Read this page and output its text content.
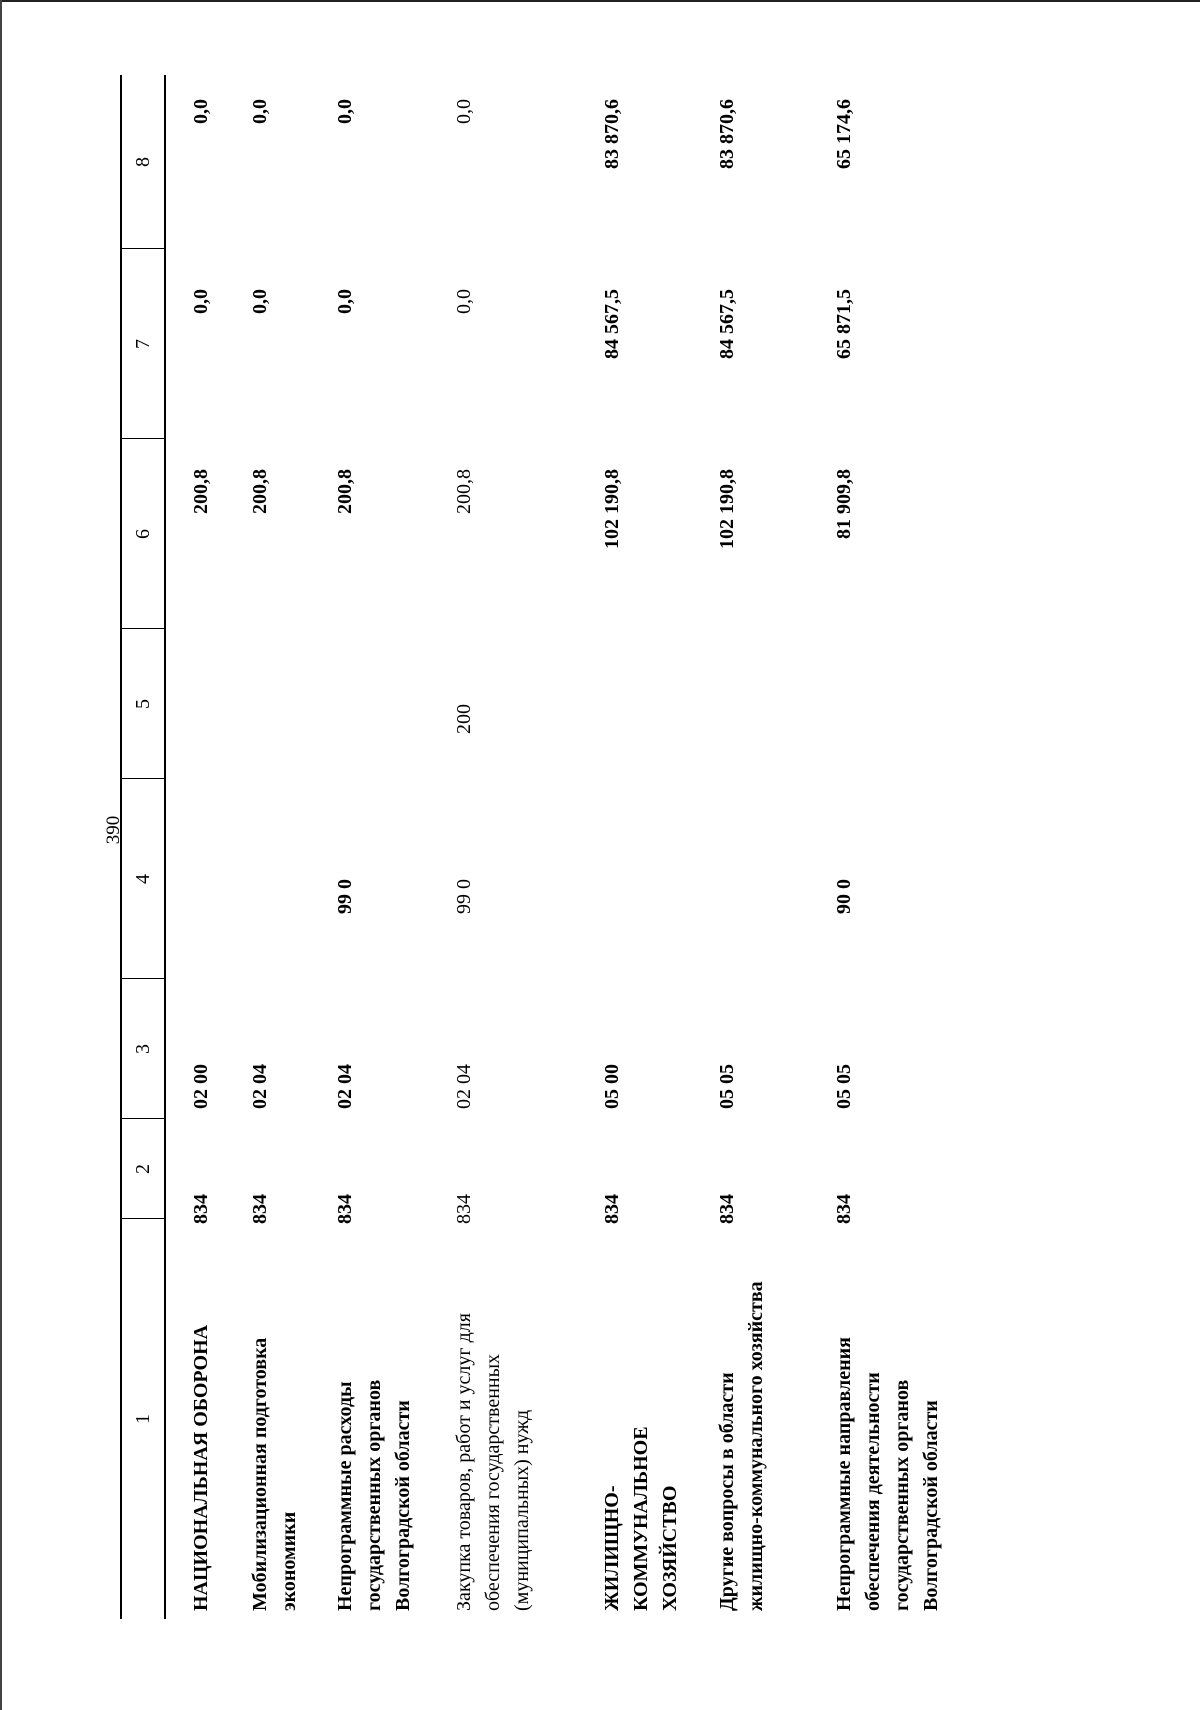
390
1
2
3
4
5
6
7
8
НАЦИОНАЛЬНАЯ ОБОРОНА
834
02 00
200,8
0,0
0,0
Мобилизационная подготовка экономики
834
02 04
200,8
0,0
0,0
Непрограммные расходы государственных органов Волгоградской области
834
02 04
99 0
200,8
0,0
0,0
Закупка товаров, работ и услуг для обеспечения государственных (муниципальных) нужд
834
02 04
99 0
200
200,8
0,0
0,0
ЖИЛИЩНО-КОММУНАЛЬНОЕ ХОЗЯЙСТВО
834
05 00
102 190,8
84 567,5
83 870,6
Другие вопросы в области жилищно-коммунального хозяйства
834
05 05
102 190,8
84 567,5
83 870,6
Непрограммные направления обеспечения деятельности государственных органов Волгоградской области
834
05 05
90 0
81 909,8
65 871,5
65 174,6
